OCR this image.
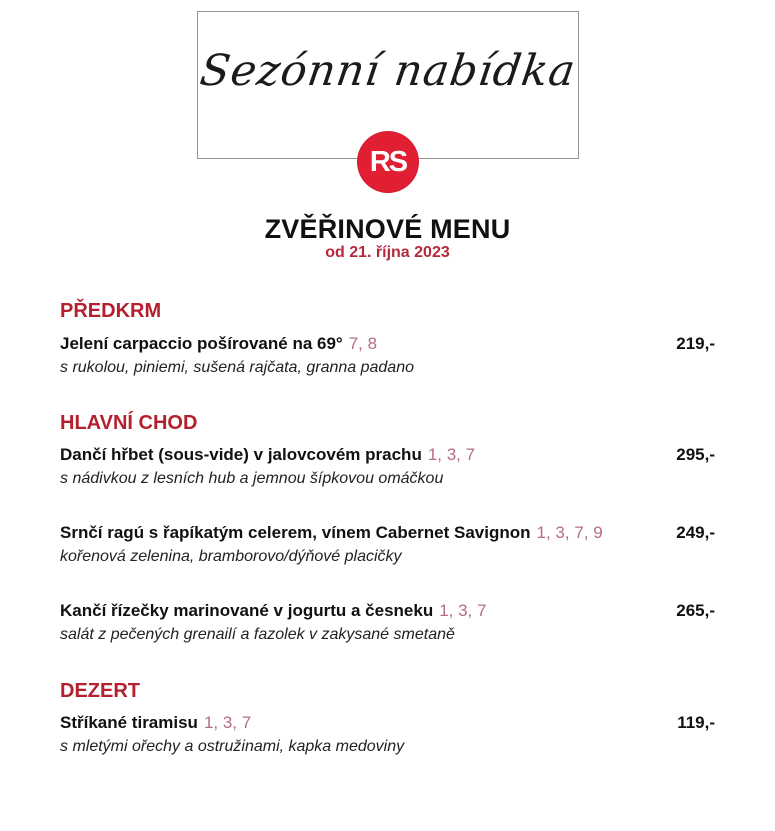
Sezónní nabídka
RS
ZVĚŘINOVÉ MENU
od 21. října 2023
PŘEDKRM
Jelení carpaccio pošírované na 69° 7, 8	219,-
s rukolou, piniemi, sušená rajčata, granna padano
HLAVNÍ CHOD
Dančí hřbet (sous-vide) v jalovcovém prachu 1, 3, 7	295,-
s nádivkou z lesních hub a jemnou šípkovou omáčkou
Srnčí ragú s řapíkatým celerem, vínem Cabernet Savignon 1, 3, 7, 9	249,-
kořenová zelenina, bramborovo/dýňové placičky
Kančí řízečky marinované v jogurtu a česneku 1, 3, 7	265,-
salát z pečených grenailí a fazolek v zakysané smetaně
DEZERT
Stříkané tiramisu 1, 3, 7	119,-
s mletými ořechy a ostružinami, kapka medoviny
